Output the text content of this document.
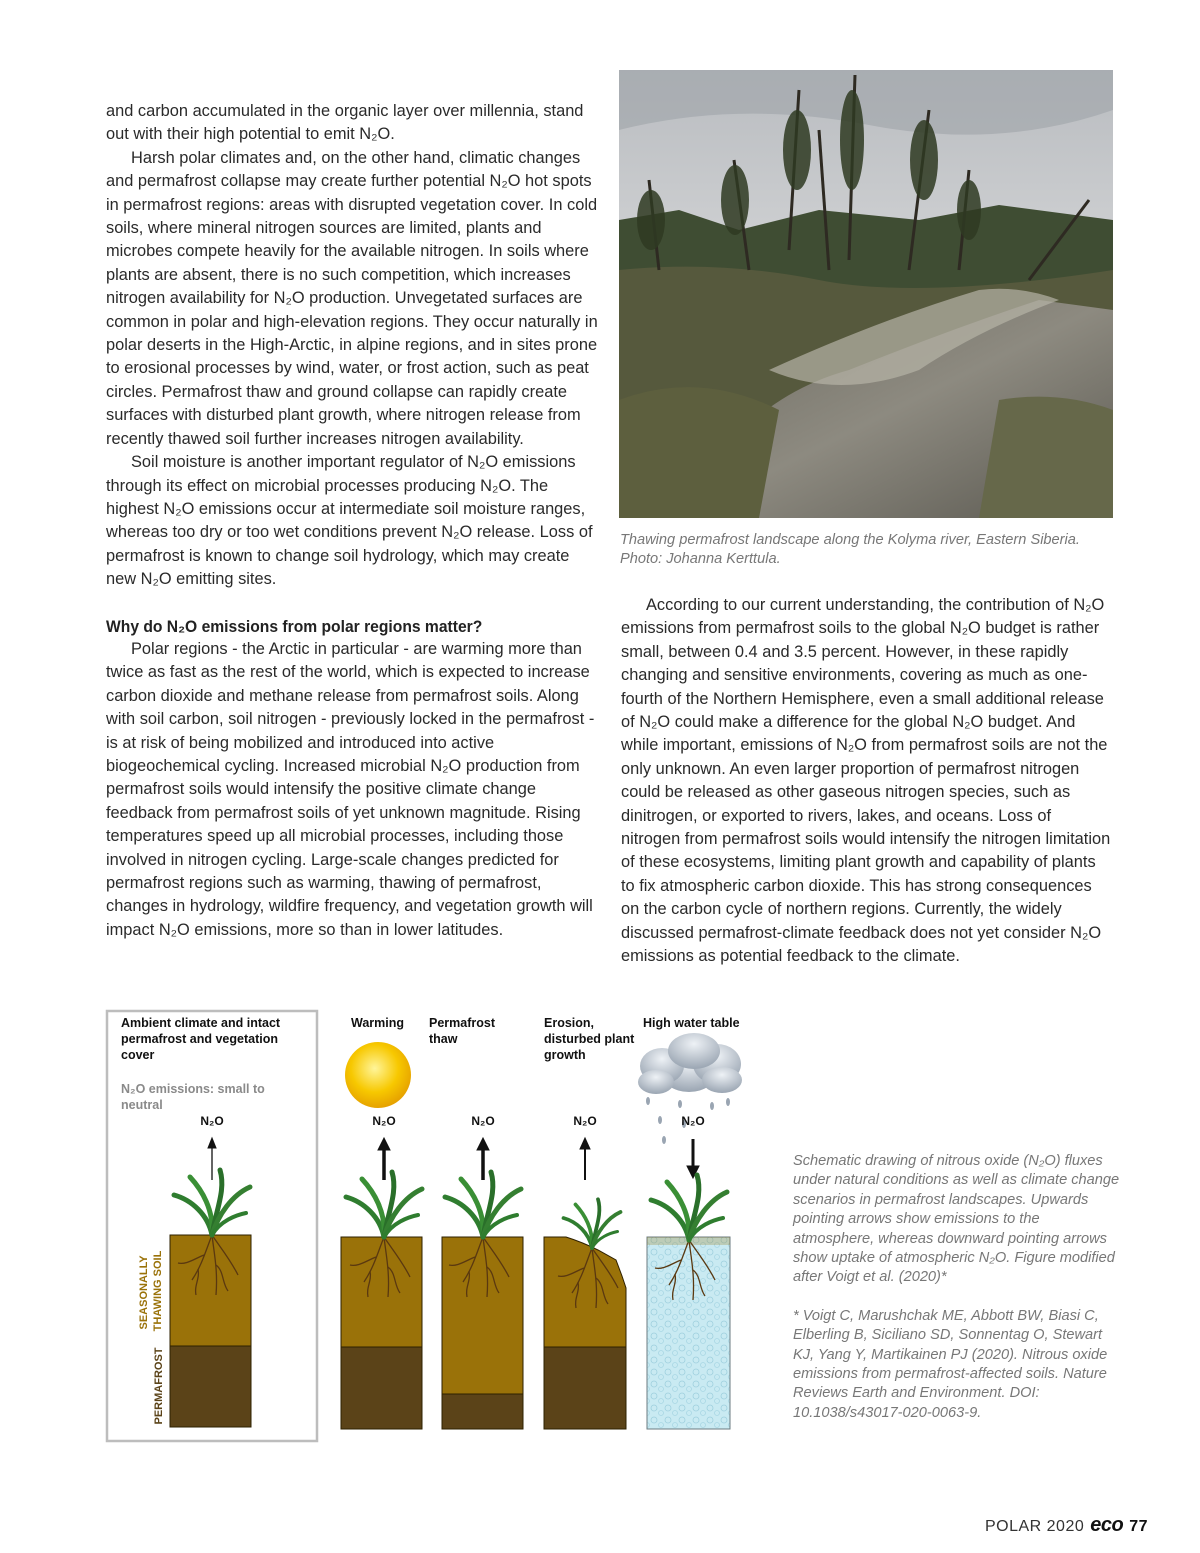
and carbon accumulated in the organic layer over millennia, stand out with their high potential to emit N₂O.

Harsh polar climates and, on the other hand, climatic changes and permafrost collapse may create further potential N₂O hot spots in permafrost regions: areas with disrupted vegetation cover. In cold soils, where mineral nitrogen sources are limited, plants and microbes compete heavily for the available nitrogen. In soils where plants are absent, there is no such competition, which increases nitrogen availability for N₂O production. Unvegetated surfaces are common in polar and high-elevation regions. They occur naturally in polar deserts in the High-Arctic, in alpine regions, and in sites prone to erosional processes by wind, water, or frost action, such as peat circles. Permafrost thaw and ground collapse can rapidly create surfaces with disturbed plant growth, where nitrogen release from recently thawed soil further increases nitrogen availability.

Soil moisture is another important regulator of N₂O emissions through its effect on microbial processes producing N₂O. The highest N₂O emissions occur at intermediate soil moisture ranges, whereas too dry or too wet conditions prevent N₂O release. Loss of permafrost is known to change soil hydrology, which may create new N₂O emitting sites.

Why do N₂O emissions from polar regions matter?

Polar regions - the Arctic in particular - are warming more than twice as fast as the rest of the world, which is expected to increase carbon dioxide and methane release from permafrost soils. Along with soil carbon, soil nitrogen - previously locked in the permafrost - is at risk of being mobilized and introduced into active biogeochemical cycling. Increased microbial N₂O production from permafrost soils would intensify the positive climate change feedback from permafrost soils of yet unknown magnitude. Rising temperatures speed up all microbial processes, including those involved in nitrogen cycling. Large-scale changes predicted for permafrost regions such as warming, thawing of permafrost, changes in hydrology, wildfire frequency, and vegetation growth will impact N₂O emissions, more so than in lower latitudes.

Thawing permafrost landscape along the Kolyma river, Eastern Siberia. Photo: Johanna Kerttula.

According to our current understanding, the contribution of N₂O emissions from permafrost soils to the global N₂O budget is rather small, between 0.4 and 3.5 percent. However, in these rapidly changing and sensitive environments, covering as much as one-fourth of the Northern Hemisphere, even a small additional release of N₂O could make a difference for the global N₂O budget. And while important, emissions of N₂O from permafrost soils are not the only unknown. An even larger proportion of permafrost nitrogen could be released as other gaseous nitrogen species, such as dinitrogen, or exported to rivers, lakes, and oceans. Loss of nitrogen from permafrost soils would intensify the nitrogen limitation of these ecosystems, limiting plant growth and capability of plants to fix atmospheric carbon dioxide. This has strong consequences on the carbon cycle of northern regions. Currently, the widely discussed permafrost-climate feedback does not yet consider N₂O emissions as potential feedback to the climate.

Ambient climate and intact permafrost and vegetation cover
N₂O emissions: small to neutral
Warming Permafrost thaw
Erosion, disturbed plant growth
High water table
N₂O	N₂O	N₂O	N₂O	N₂O
SEASONALLY THAWING SOIL
PERMAFROST

Schematic drawing of nitrous oxide (N₂O) fluxes under natural conditions as well as climate change scenarios in permafrost landscapes. Upwards pointing arrows show emissions to the atmosphere, whereas downward pointing arrows show uptake of atmospheric N₂O. Figure modified after Voigt et al. (2020)*

* Voigt C, Marushchak ME, Abbott BW, Biasi C, Elberling B, Siciliano SD, Sonnentag O, Stewart KJ, Yang Y, Martikainen PJ (2020). Nitrous oxide emissions from permafrost-affected soils. Nature Reviews Earth and Environment. DOI: 10.1038/s43017-020-0063-9.

POLAR 2020 eco 77
